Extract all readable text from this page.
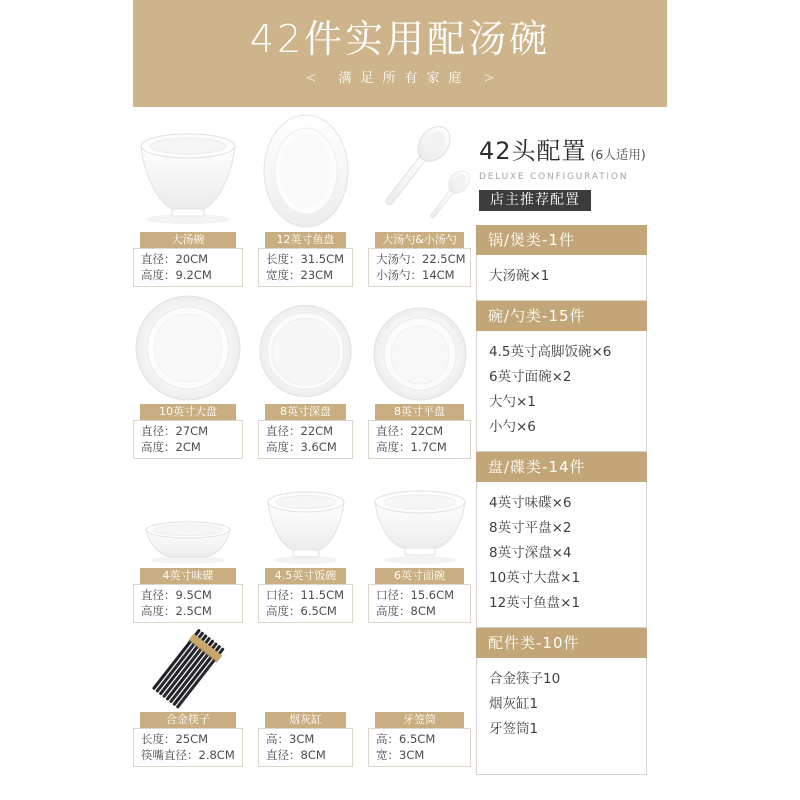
42件实用配汤碗
< 满足所有家庭 >
大汤碗
直径：20CM
高度：9.2CM
12英寸鱼盘
长度：31.5CM
宽度：23CM
大汤勺&小汤勺
大汤勺：22.5CM
小汤勺：14CM
10英寸大盘
直径：27CM
高度：2CM
8英寸深盘
直径：22CM
高度：3.6CM
8英寸平盘
直径：22CM
高度：1.7CM
4英寸味碟
直径：9.5CM
高度：2.5CM
4.5英寸饭碗
口径：11.5CM
高度：6.5CM
6英寸面碗
口径：15.6CM
高度：8CM
合金筷子
长度：25CM
筷嘴直径：2.8CM
烟灰缸
高：3CM
直径：8CM
牙签筒
高：6.5CM
宽：3CM
42头配置 (6人适用)
DELUXE CONFIGURATION
店主推荐配置
锅/煲类-1件
大汤碗×1
碗/勺类-15件
4.5英寸高脚饭碗×6
6英寸面碗×2
大勺×1
小勺×6
盘/碟类-14件
4英寸味碟×6
8英寸平盘×2
8英寸深盘×4
10英寸大盘×1
12英寸鱼盘×1
配件类-10件
合金筷子10
烟灰缸1
牙签筒1
